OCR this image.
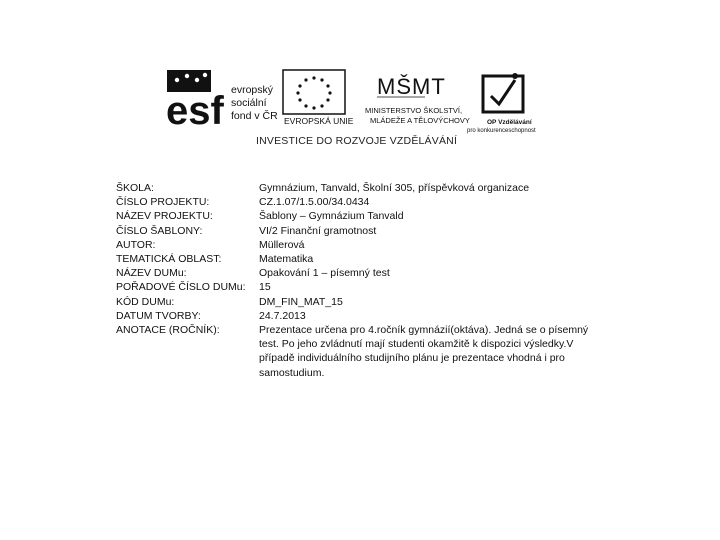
esf evropský
sociální
fond v ČR EVROPSKÁ UNIE
MŠMT
MINISTERSTVO ŠKOLSTVÍ,
MLÁDEŽE A TĚLOVÝCHOVY	OP Vzdělávání
pro konkurenceschopnost
INVESTICE DO ROZVOJE VZDĚLÁVÁNÍ
ŠKOLA:	Gymnázium, Tanvald, Školní 305, příspěvková organizace
ČÍSLO PROJEKTU:	CZ.1.07/1.5.00/34.0434
NÁZEV PROJEKTU:	Šablony – Gymnázium Tanvald
ČÍSLO ŠABLONY:	VI/2 Finanční gramotnost
AUTOR:	Müllerová
TEMATICKÁ OBLAST:	Matematika
NÁZEV DUMu:	Opakování 1 – písemný test
POŘADOVÉ ČÍSLO DUMu:	15
KÓD DUMu:	DM_FIN_MAT_15
DATUM TVORBY:	24.7.2013
ANOTACE (ROČNÍK):	Prezentace určena pro 4.ročník gymnázií(oktáva). Jedná se o písemný test. Po jeho zvládnutí mají studenti okamžitě k dispozici výsledky.V případě individuálního studijního plánu je prezentace vhodná i pro samostudium.
